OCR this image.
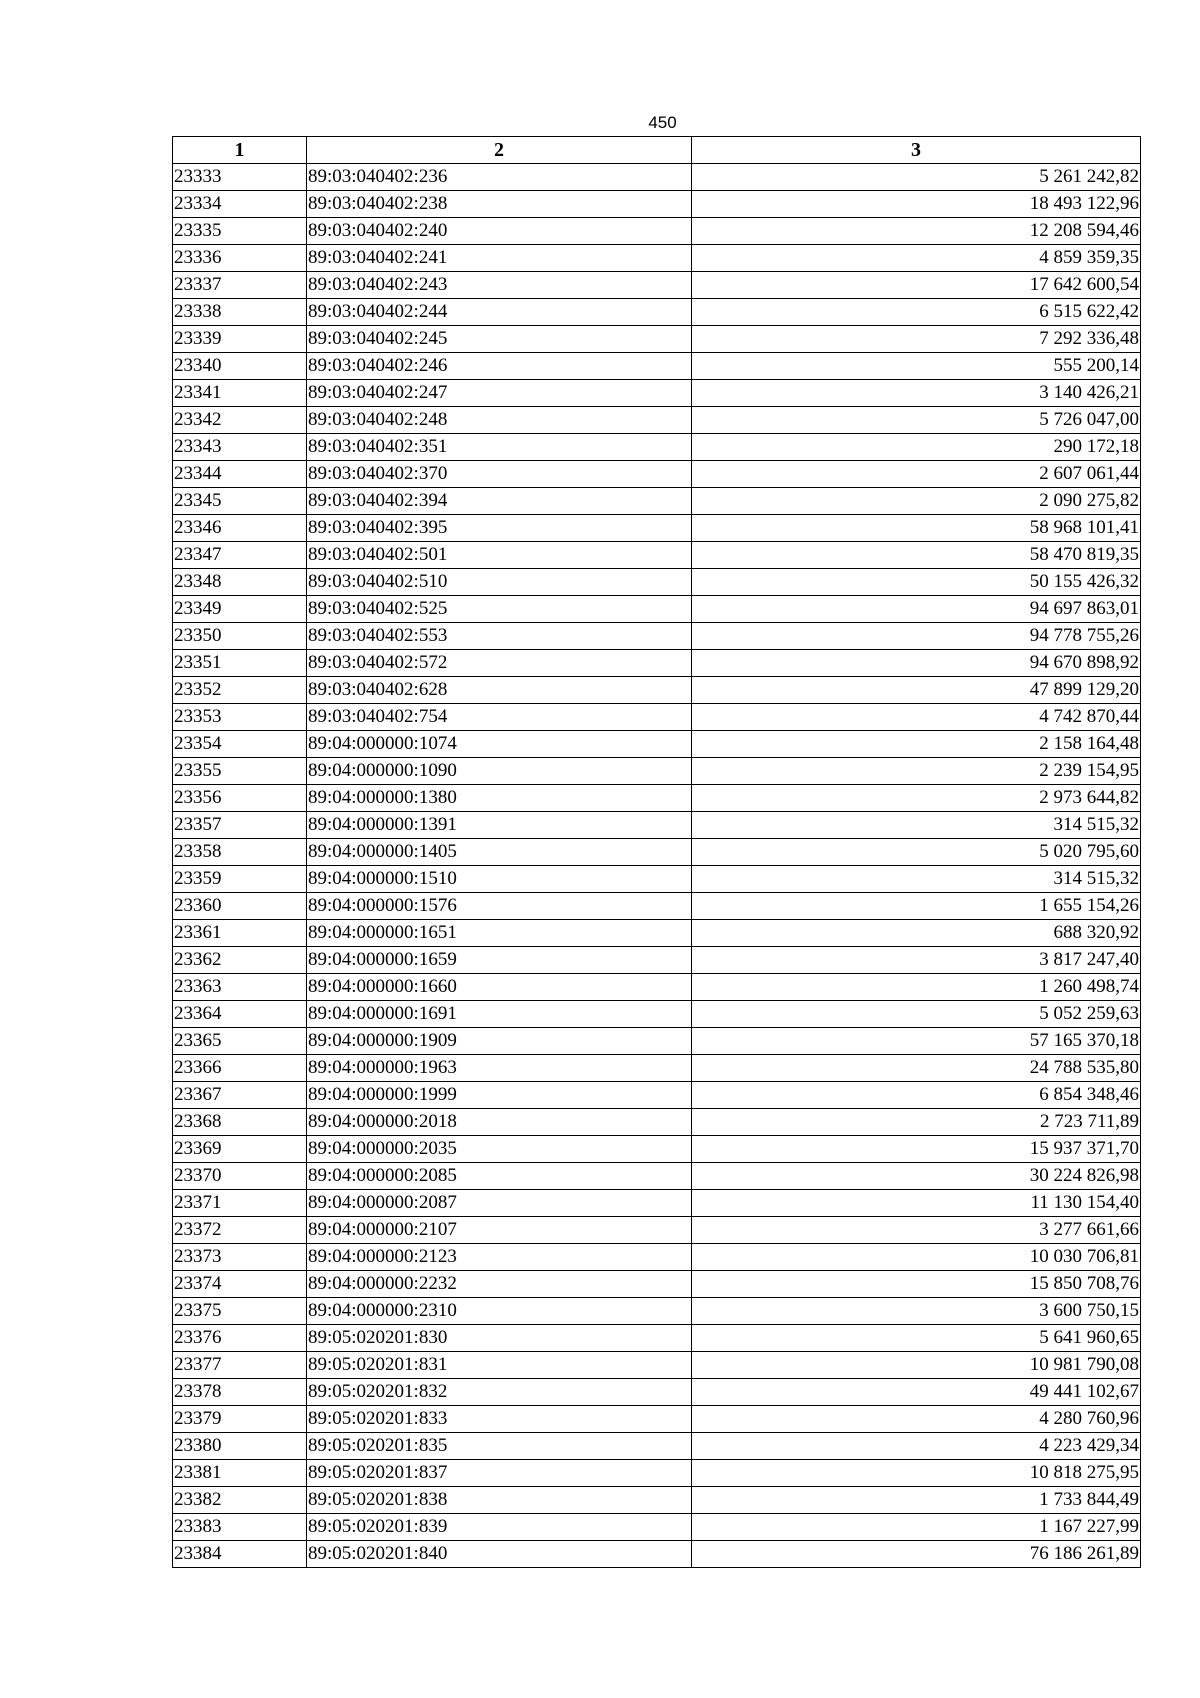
450
1	2	3
23333	89:03:040402:236	5 261 242,82
23334	89:03:040402:238	18 493 122,96
23335	89:03:040402:240	12 208 594,46
23336	89:03:040402:241	4 859 359,35
23337	89:03:040402:243	17 642 600,54
23338	89:03:040402:244	6 515 622,42
23339	89:03:040402:245	7 292 336,48
23340	89:03:040402:246	555 200,14
23341	89:03:040402:247	3 140 426,21
23342	89:03:040402:248	5 726 047,00
23343	89:03:040402:351	290 172,18
23344	89:03:040402:370	2 607 061,44
23345	89:03:040402:394	2 090 275,82
23346	89:03:040402:395	58 968 101,41
23347	89:03:040402:501	58 470 819,35
23348	89:03:040402:510	50 155 426,32
23349	89:03:040402:525	94 697 863,01
23350	89:03:040402:553	94 778 755,26
23351	89:03:040402:572	94 670 898,92
23352	89:03:040402:628	47 899 129,20
23353	89:03:040402:754	4 742 870,44
23354	89:04:000000:1074	2 158 164,48
23355	89:04:000000:1090	2 239 154,95
23356	89:04:000000:1380	2 973 644,82
23357	89:04:000000:1391	314 515,32
23358	89:04:000000:1405	5 020 795,60
23359	89:04:000000:1510	314 515,32
23360	89:04:000000:1576	1 655 154,26
23361	89:04:000000:1651	688 320,92
23362	89:04:000000:1659	3 817 247,40
23363	89:04:000000:1660	1 260 498,74
23364	89:04:000000:1691	5 052 259,63
23365	89:04:000000:1909	57 165 370,18
23366	89:04:000000:1963	24 788 535,80
23367	89:04:000000:1999	6 854 348,46
23368	89:04:000000:2018	2 723 711,89
23369	89:04:000000:2035	15 937 371,70
23370	89:04:000000:2085	30 224 826,98
23371	89:04:000000:2087	11 130 154,40
23372	89:04:000000:2107	3 277 661,66
23373	89:04:000000:2123	10 030 706,81
23374	89:04:000000:2232	15 850 708,76
23375	89:04:000000:2310	3 600 750,15
23376	89:05:020201:830	5 641 960,65
23377	89:05:020201:831	10 981 790,08
23378	89:05:020201:832	49 441 102,67
23379	89:05:020201:833	4 280 760,96
23380	89:05:020201:835	4 223 429,34
23381	89:05:020201:837	10 818 275,95
23382	89:05:020201:838	1 733 844,49
23383	89:05:020201:839	1 167 227,99
23384	89:05:020201:840	76 186 261,89
